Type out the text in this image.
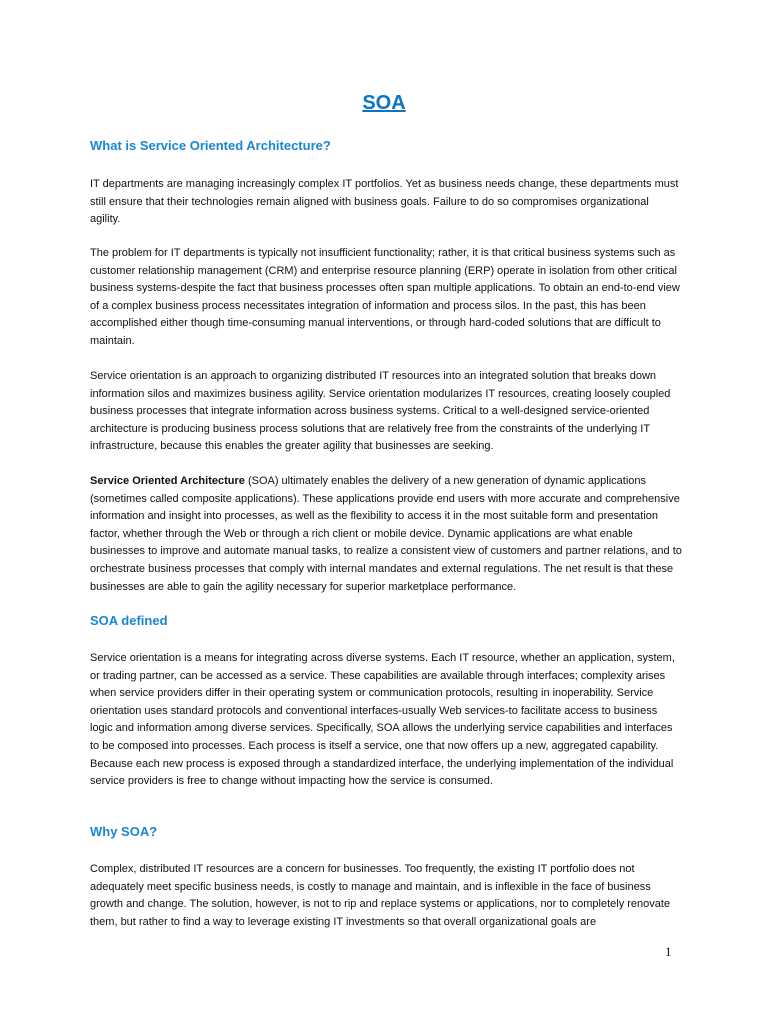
SOA
What is Service Oriented Architecture?

IT departments are managing increasingly complex IT portfolios. Yet as business needs change, these departments must still ensure that their technologies remain aligned with business goals. Failure to do so compromises organizational agility.

The problem for IT departments is typically not insufficient functionality; rather, it is that critical business systems such as customer relationship management (CRM) and enterprise resource planning (ERP) operate in isolation from other critical business systems-despite the fact that business processes often span multiple applications. To obtain an end-to-end view of a complex business process necessitates integration of information and process silos. In the past, this has been accomplished either though time-consuming manual interventions, or through hard-coded solutions that are difficult to maintain.

Service orientation is an approach to organizing distributed IT resources into an integrated solution that breaks down information silos and maximizes business agility. Service orientation modularizes IT resources, creating loosely coupled business processes that integrate information across business systems. Critical to a well-designed service-oriented architecture is producing business process solutions that are relatively free from the constraints of the underlying IT infrastructure, because this enables the greater agility that businesses are seeking.

Service Oriented Architecture (SOA) ultimately enables the delivery of a new generation of dynamic applications (sometimes called composite applications). These applications provide end users with more accurate and comprehensive information and insight into processes, as well as the flexibility to access it in the most suitable form and presentation factor, whether through the Web or through a rich client or mobile device. Dynamic applications are what enable businesses to improve and automate manual tasks, to realize a consistent view of customers and partner relations, and to orchestrate business processes that comply with internal mandates and external regulations. The net result is that these businesses are able to gain the agility necessary for superior marketplace performance.

SOA defined

Service orientation is a means for integrating across diverse systems. Each IT resource, whether an application, system, or trading partner, can be accessed as a service. These capabilities are available through interfaces; complexity arises when service providers differ in their operating system or communication protocols, resulting in inoperability. Service orientation uses standard protocols and conventional interfaces-usually Web services-to facilitate access to business logic and information among diverse services. Specifically, SOA allows the underlying service capabilities and interfaces to be composed into processes. Each process is itself a service, one that now offers up a new, aggregated capability. Because each new process is exposed through a standardized interface, the underlying implementation of the individual service providers is free to change without impacting how the service is consumed.

Why SOA?

Complex, distributed IT resources are a concern for businesses. Too frequently, the existing IT portfolio does not adequately meet specific business needs, is costly to manage and maintain, and is inflexible in the face of business growth and change. The solution, however, is not to rip and replace systems or applications, nor to completely renovate them, but rather to find a way to leverage existing IT investments so that overall organizational goals are

1
